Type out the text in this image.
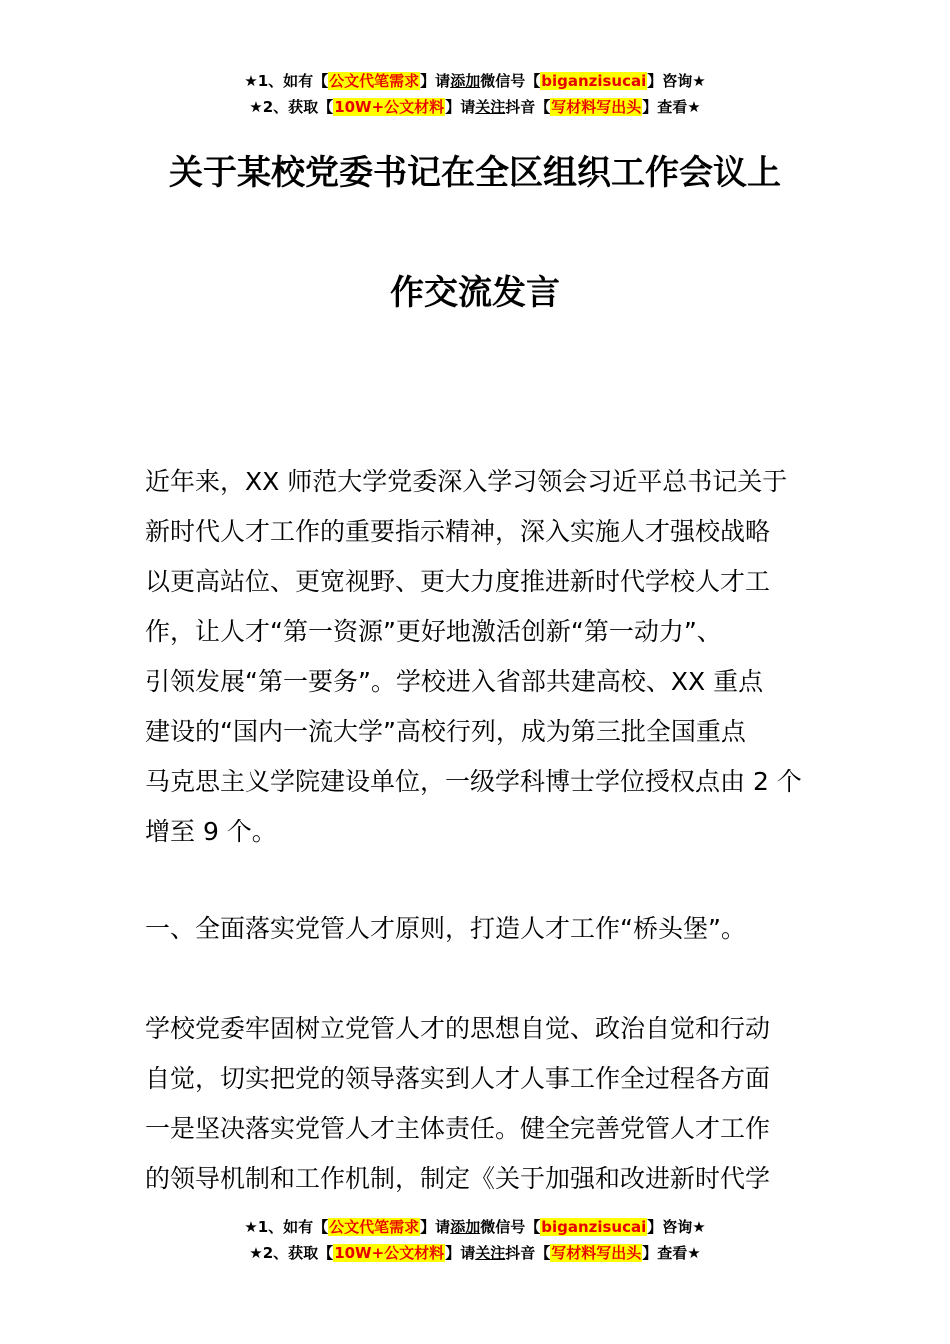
★1、如有【公文代笔需求】请添加微信号【biganzisucai】咨询★
★2、获取【10W+公文材料】请关注抖音【写材料写出头】查看★
关于某校党委书记在全区组织工作会议上
作交流发言
近年来，XX 师范大学党委深入学习领会习近平总书记关于
新时代人才工作的重要指示精神，深入实施人才强校战略
以更高站位、更宽视野、更大力度推进新时代学校人才工
作，让人才“第一资源”更好地激活创新“第一动力”、
引领发展“第一要务”。学校进入省部共建高校、XX 重点
建设的“国内一流大学”高校行列，成为第三批全国重点
马克思主义学院建设单位，一级学科博士学位授权点由 2 个
增至 9 个。
一、全面落实党管人才原则，打造人才工作“桥头堡”。
学校党委牢固树立党管人才的思想自觉、政治自觉和行动
自觉，切实把党的领导落实到人才人事工作全过程各方面
一是坚决落实党管人才主体责任。健全完善党管人才工作
的领导机制和工作机制，制定《关于加强和改进新时代学
★1、如有【公文代笔需求】请添加微信号【biganzisucai】咨询★
★2、获取【10W+公文材料】请关注抖音【写材料写出头】查看★
